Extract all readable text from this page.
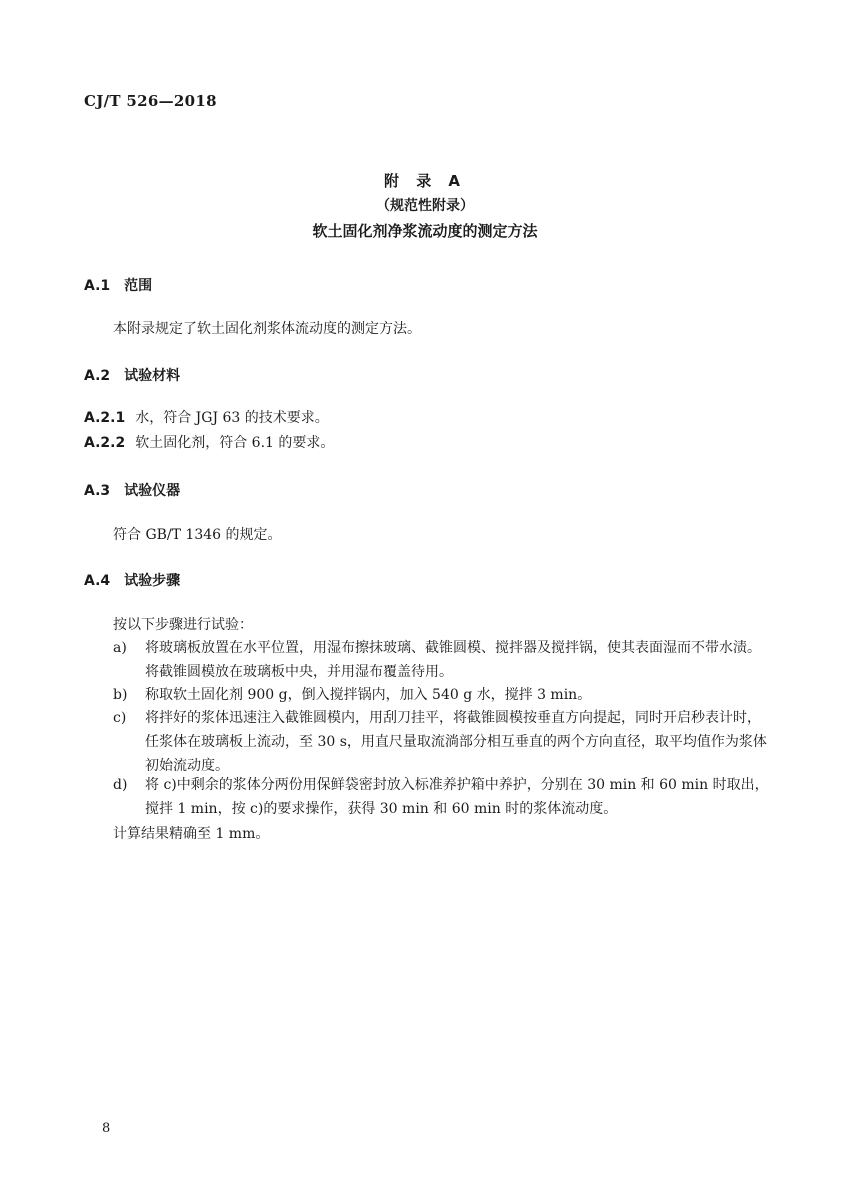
CJ/T 526—2018
附 录 A
（规范性附录）
软土固化剂净浆流动度的测定方法
A.1 范围
本附录规定了软土固化剂浆体流动度的测定方法。
A.2 试验材料
A.2.1 水，符合 JGJ 63 的技术要求。
A.2.2 软土固化剂，符合 6.1 的要求。
A.3 试验仪器
符合 GB/T 1346 的规定。
A.4 试验步骤
按以下步骤进行试验：
a) 将玻璃板放置在水平位置，用湿布擦抹玻璃、截锥圆模、搅拌器及搅拌锅，使其表面湿而不带水渍。将截锥圆模放在玻璃板中央，并用湿布覆盖待用。
b) 称取软土固化剂 900 g，倒入搅拌锅内，加入 540 g 水，搅拌 3 min。
c) 将拌好的浆体迅速注入截锥圆模内，用刮刀挂平，将截锥圆模按垂直方向提起，同时开启秒表计时，任浆体在玻璃板上流动，至 30 s，用直尺量取流淌部分相互垂直的两个方向直径，取平均值作为浆体初始流动度。
d) 将 c)中剩余的浆体分两份用保鲜袋密封放入标准养护箱中养护，分别在 30 min 和 60 min 时取出，搅拌 1 min，按 c)的要求操作，获得 30 min 和 60 min 时的浆体流动度。
计算结果精确至 1 mm。
8
